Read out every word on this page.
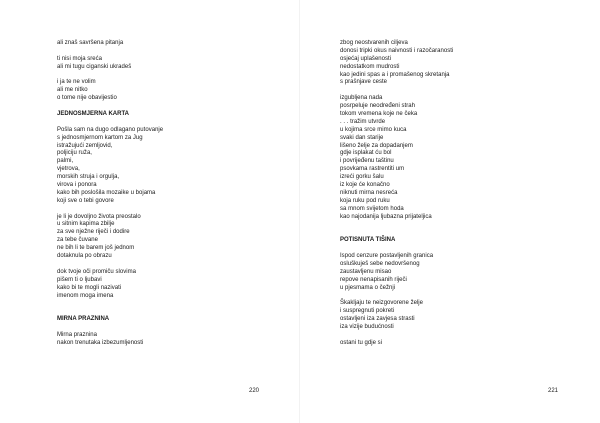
ali znaš savršena pitanja
ti nisi moja sreća
ali mi tugu ciganski ukradeš
i ja te ne volim
ali me nitko
o tome nije obavijestio
JEDNOSMJERNA KARTA
Pošla sam na dugo odlagano putovanje
s jednosmjernom kartom za Jug
istražujući zemljovid,
poljiciju ruža,
palmi,
vjetrova,
morskih struja i orgulja,
virova i ponora
kako bih poslošila mozaike u bojama
koji sve o tebi govore
je li je dovoljno života preostalo
u sitnim kapima zbilje
za sve nježne riječi i dodire
za tebe čuvane
ne bih li te barem još jednom
dotaknula po obrazu
dok tvoje oči promiču slovima
pišem ti o ljubavi
kako bi te mogli nazivati
imenom moga imena
MIRNA PRAZNINA
Mirna praznina
nakon trenutaka izbezumljenosti
220
zbog neostvarenih ciljeva
donosi tripki okus naivnosti i razočaranosti
osjećaj uplašenosti
nedostatkom mudrosti
kao jedini spas a i promašenog skretanja
s prašnjave ceste
izgubljena nada
posrpeluje neodređeni strah
tokom vremena koje ne čeka
. . . tražim utvrde
u kojima srce mimo kuca
svaki dan starije
lišeno želje za dopadanjem
gdje isplakat ću bol
i povrijeđenu taštinu
psovkama rastrentiti um
izreći gorku šalu
iz koje će konačno
niknuti mirna nesreća
koja ruku pod ruku
sa mnom svijetom hoda
kao najodanija ljubazna prijateljica
POTISNUTA TIŠINA
Ispod cenzure postavljenih granica
osluškuješ sebe nedovršenog
zaustavljenu misao
repove nenapisanih riječi
u pjesmama o čežnji
Škakljaju te neizgovorene želje
i suspregnuti pokreti
ostavljeni iza zavjesa strasti
iza vizije budućnosti
ostani tu gdje si
221
